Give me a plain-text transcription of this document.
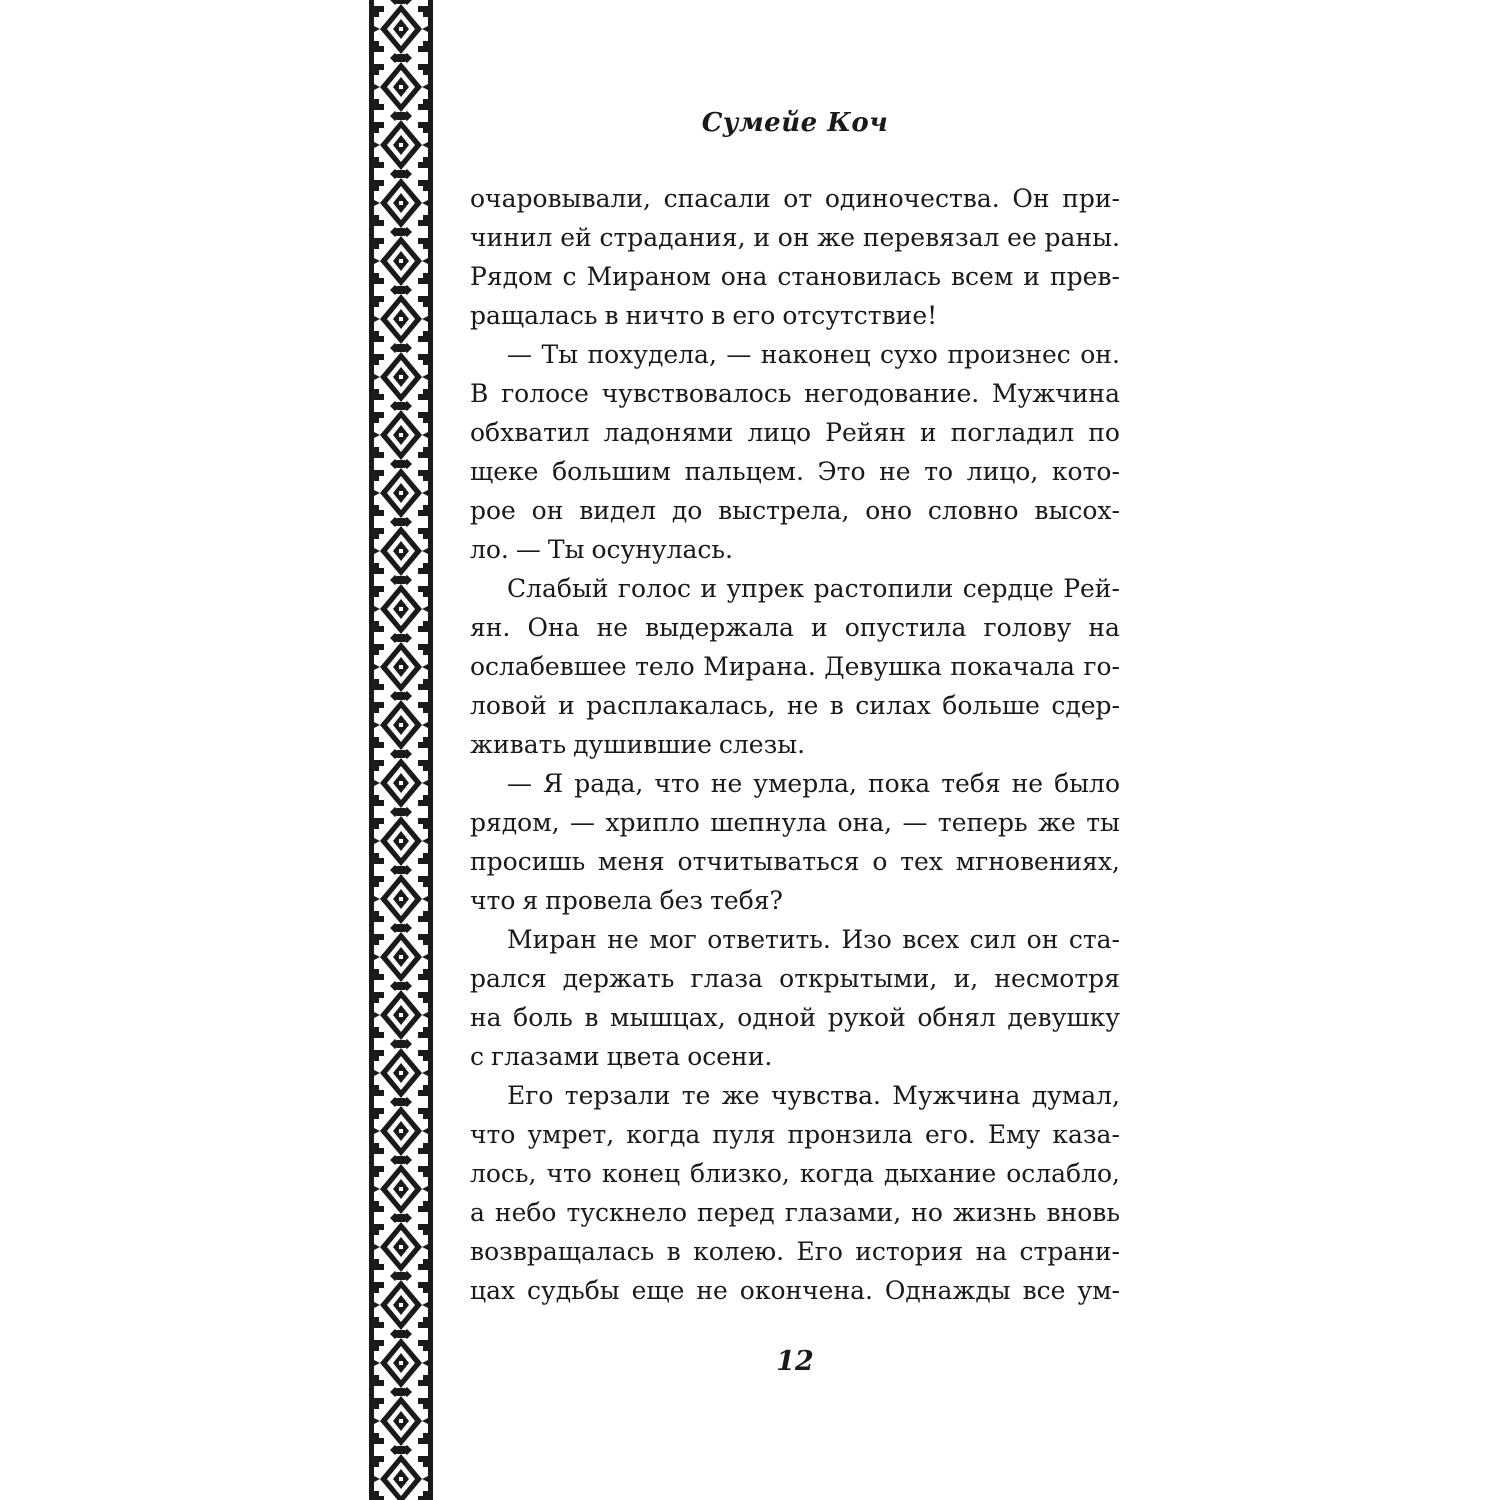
Сумейе Коч
очаровывали, спасали от одиночества. Он при-
чинил ей страдания, и он же перевязал ее раны.
Рядом с Мираном она становилась всем и прев-
ращалась в ничто в его отсутствие!
— Ты похудела, — наконец сухо произнес он.
В голосе чувствовалось негодование. Мужчина
обхватил ладонями лицо Рейян и погладил по
щеке большим пальцем. Это не то лицо, кото-
рое он видел до выстрела, оно словно высох-
ло. — Ты осунулась.
Слабый голос и упрек растопили сердце Рей-
ян. Она не выдержала и опустила голову на
ослабевшее тело Мирана. Девушка покачала го-
ловой и расплакалась, не в силах больше сдер-
живать душившие слезы.
— Я рада, что не умерла, пока тебя не было
рядом, — хрипло шепнула она, — теперь же ты
просишь меня отчитываться о тех мгновениях,
что я провела без тебя?
Миран не мог ответить. Изо всех сил он ста-
рался держать глаза открытыми, и, несмотря
на боль в мышцах, одной рукой обнял девушку
с глазами цвета осени.
Его терзали те же чувства. Мужчина думал,
что умрет, когда пуля пронзила его. Ему каза-
лось, что конец близко, когда дыхание ослабло,
а небо тускнело перед глазами, но жизнь вновь
возвращалась в колею. Его история на страни-
цах судьбы еще не окончена. Однажды все ум-
12
